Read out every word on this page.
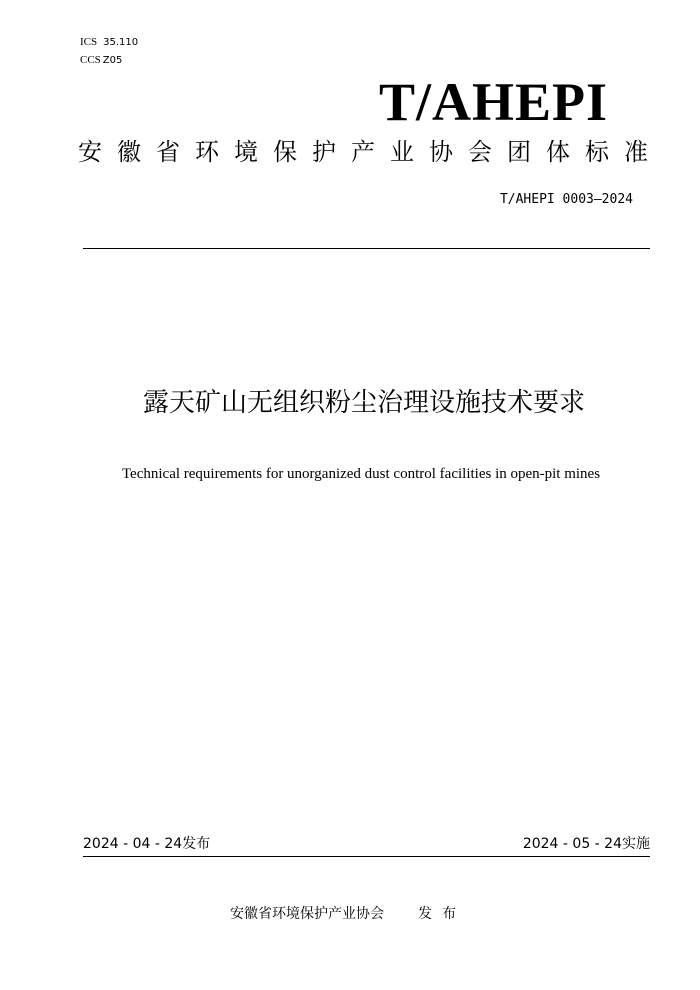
ICS 35.110
CCS Z05
T/AHEPI
安 徽 省 环 境 保 护 产 业 协 会 团 体 标 准
T/AHEPI 0003—2024
露天矿山无组织粉尘治理设施技术要求
Technical requirements for unorganized dust control facilities in open-pit mines
2024 - 04 - 24发布	2024 - 05 - 24实施
安徽省环境保护产业协会 发布
